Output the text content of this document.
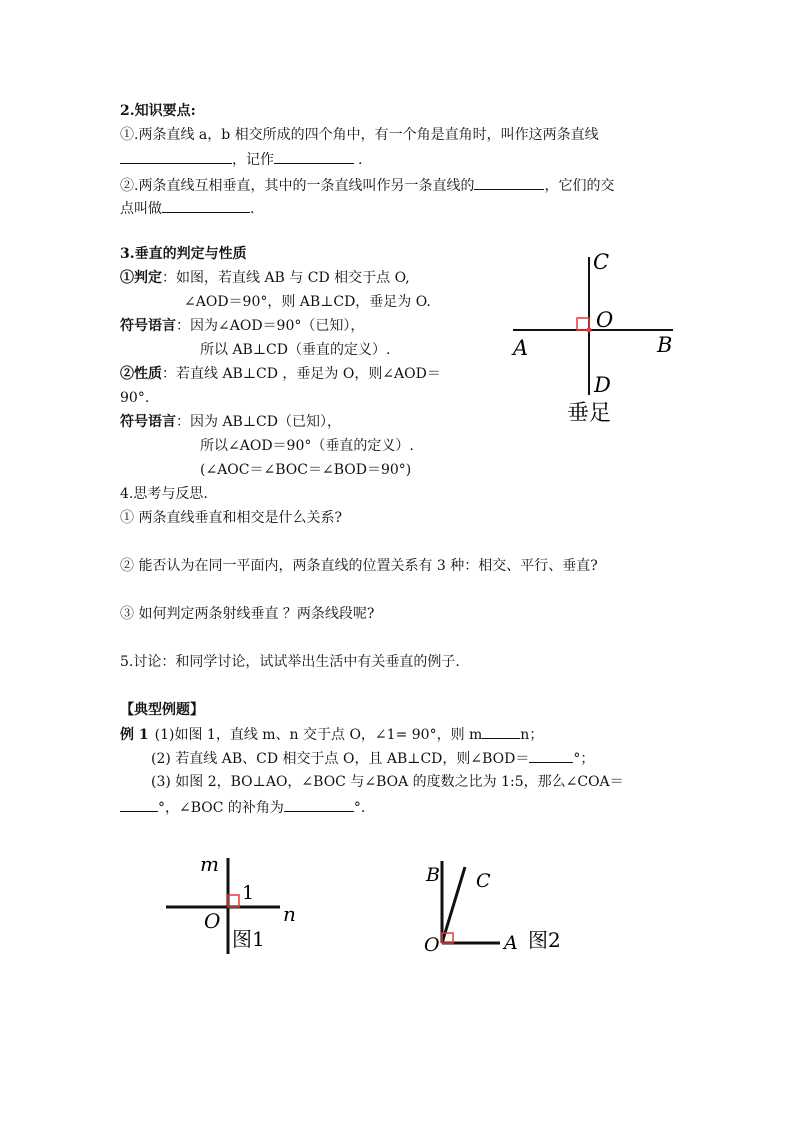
2.知识要点:
①.两条直线 a，b 相交所成的四个角中，有一个角是直角时，叫作这两条直线
，记作	.
②.两条直线互相垂直，其中的一条直线叫作另一条直线的	，它们的交
点叫做	.
3.垂直的判定与性质
①判定：如图，若直线 AB 与 CD 相交于点 O,
∠AOD＝90°，则 AB⊥CD，垂足为 O.
符号语言：因为∠AOD＝90°（已知），
所以 AB⊥CD（垂直的定义）.
②性质：若直线 AB⊥CD ，垂足为 O，则∠AOD＝
90°.
符号语言：因为 AB⊥CD（已知），
所以∠AOD＝90°（垂直的定义）.
(∠AOC＝∠BOC＝∠BOD＝90°)
C
O
A	B
D
垂足
4.思考与反思.
① 两条直线垂直和相交是什么关系?
② 能否认为在同一平面内，两条直线的位置关系有 3 种：相交、平行、垂直?
③ 如何判定两条射线垂直 ？两条线段呢?
5.讨论：和同学讨论，试试举出生活中有关垂直的例子.
【典型例题】
例 1 (1)如图 1，直线 m、n 交于点 O，∠1= 90°，则 m	n；
(2) 若直线 AB、CD 相交于点 O，且 AB⊥CD，则∠BOD＝	°；
(3) 如图 2，BO⊥AO，∠BOC 与∠BOA 的度数之比为 1:5，那么∠COA＝
°，∠BOC 的补角为	°.
m
1
n
O
图1
B C
O	A 图2
